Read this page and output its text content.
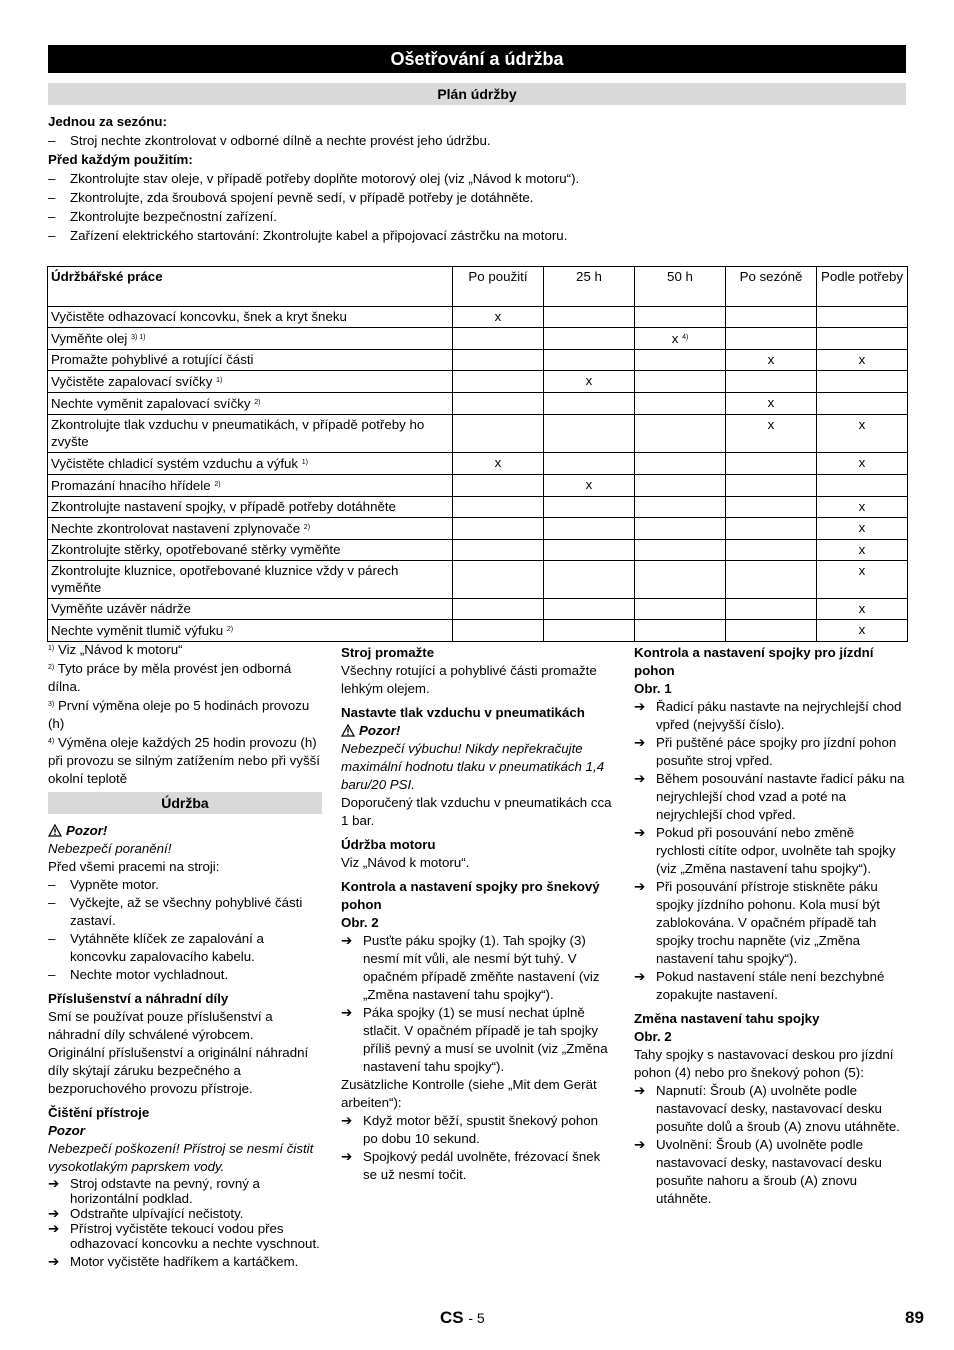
Ošetřování a údržba
Plán údržby
Jednou za sezónu:
– Stroj nechte zkontrolovat v odborné dílně a nechte provést jeho údržbu.
Před každým použitím:
– Zkontrolujte stav oleje, v případě potřeby doplňte motorový olej (viz „Návod k motoru“).
– Zkontrolujte, zda šroubová spojení pevně sedí, v případě potřeby je dotáhněte.
– Zkontrolujte bezpečnostní zařízení.
– Zařízení elektrického startování: Zkontrolujte kabel a připojovací zástrčku na motoru.
Údržbářské práce	Po použití	25 h	50 h	Po sezóně	Podle potřeby
Vyčistěte odhazovací koncovku, šnek a kryt šneku	x				
Vyměňte olej $^{3) 1)}$			x $^{4)}$		
Promažte pohyblivé a rotující části				x	x
Vyčistěte zapalovací svíčky $^{1)}$		x			
Nechte vyměnit zapalovací svíčky $^{2)}$				x	
Zkontrolujte tlak vzduchu v pneumatikách, v případě potřeby ho zvyšte				x	x
Vyčistěte chladicí systém vzduchu a výfuk $^{1)}$	x				x
Promazání hnacího hřídele $^{2)}$		x			
Zkontrolujte nastavení spojky, v případě potřeby dotáhněte					x
Nechte zkontrolovat nastavení zplynovače $^{2)}$					x
Zkontrolujte stěrky, opotřebované stěrky vyměňte					x
Zkontrolujte kluznice, opotřebované kluznice vždy v párech vyměňte					x
Vyměňte uzávěr nádrže					x
Nechte vyměnit tlumič výfuku $^{2)}$					x

$^{1)}$ Viz „Návod k motoru“

$^{2)}$ Tyto práce by měla provést jen odborná dílna.

$^{3)}$ První výměna oleje po 5 hodinách provozu (h)

$^{4)}$ Výměna oleje každých 25 hodin provozu (h) při provozu se silným zatížením nebo při vyšší okolní teplotě

Údržba

Pozor!

Nebezpečí poranění!

Před všemi pracemi na stroji:

– Vypněte motor.

– Vyčkejte, až se všechny pohyblivé části zastaví.

– Vytáhněte klíček ze zapalování a koncovku zapalovacího kabelu.

– Nechte motor vychladnout.

Příslušenství a náhradní díly

Smí se používat pouze příslušenství a náhradní díly schválené výrobcem.

Originální příslušenství a originální náhradní díly skýtají záruku bezpečného a bezporuchového provozu přístroje.

Čištění přístroje

Pozor

Nebezpečí poškození! Přístroj se nesmí čistit vysokotlakým paprskem vody.

➔ Stroj odstavte na pevný, rovný a horizontální podklad.

➔ Odstraňte ulpívající nečistoty.

➔ Přístroj vyčistěte tekoucí vodou přes odhazovací koncovku a nechte vyschnout.

➔ Motor vyčistěte hadříkem a kartáčkem.

Stroj promažte

Všechny rotující a pohyblivé části promažte lehkým olejem.

Nastavte tlak vzduchu v pneumatikách

Pozor!

Nebezpečí výbuchu! Nikdy nepřekračujte maximální hodnotu tlaku v pneumatikách 1,4 baru/20 PSI.

Doporučený tlak vzduchu v pneumatikách cca 1 bar.

Údržba motoru

Viz „Návod k motoru“.

Kontrola a nastavení spojky pro šnekový pohon

Obr. 2

➔ Pusťte páku spojky (1). Tah spojky (3) nesmí mít vůli, ale nesmí být tuhý. V opačném případě změňte nastavení (viz „Změna nastavení tahu spojky“).

➔ Páka spojky (1) se musí nechat úplně stlačit. V opačném případě je tah spojky příliš pevný a musí se uvolnit (viz „Změna nastavení tahu spojky“).

Zusätzliche Kontrolle (siehe „Mit dem Gerät arbeiten“):

➔ Když motor běží, spustit šnekový pohon po dobu 10 sekund.

➔ Spojkový pedál uvolněte, frézovací šnek se už nesmí točit.

Kontrola a nastavení spojky pro jízdní pohon

Obr. 1

➔ Řadicí páku nastavte na nejrychlejší chod vpřed (nejvyšší číslo).

➔ Při puštěné páce spojky pro jízdní pohon posuňte stroj vpřed.

➔ Během posouvání nastavte řadicí páku na nejrychlejší chod vzad a poté na nejrychlejší chod vpřed.

➔ Pokud při posouvání nebo změně rychlosti cítíte odpor, uvolněte tah spojky (viz „Změna nastavení tahu spojky“).

➔ Při posouvání přístroje stiskněte páku spojky jízdního pohonu. Kola musí být zablokována. V opačném případě tah spojky trochu napněte (viz „Změna nastavení tahu spojky“).

➔ Pokud nastavení stále není bezchybné zopakujte nastavení.

Změna nastavení tahu spojky

Obr. 2

Tahy spojky s nastavovací deskou pro jízdní pohon (4) nebo pro šnekový pohon (5):

➔ Napnutí: Šroub (A) uvolněte podle nastavovací desky, nastavovací desku posuňte dolů a šroub (A) znovu utáhněte.

➔ Uvolnění: Šroub (A) uvolněte podle nastavovací desky, nastavovací desku posuňte nahoru a šroub (A) znovu utáhněte.

CS - 5	89
